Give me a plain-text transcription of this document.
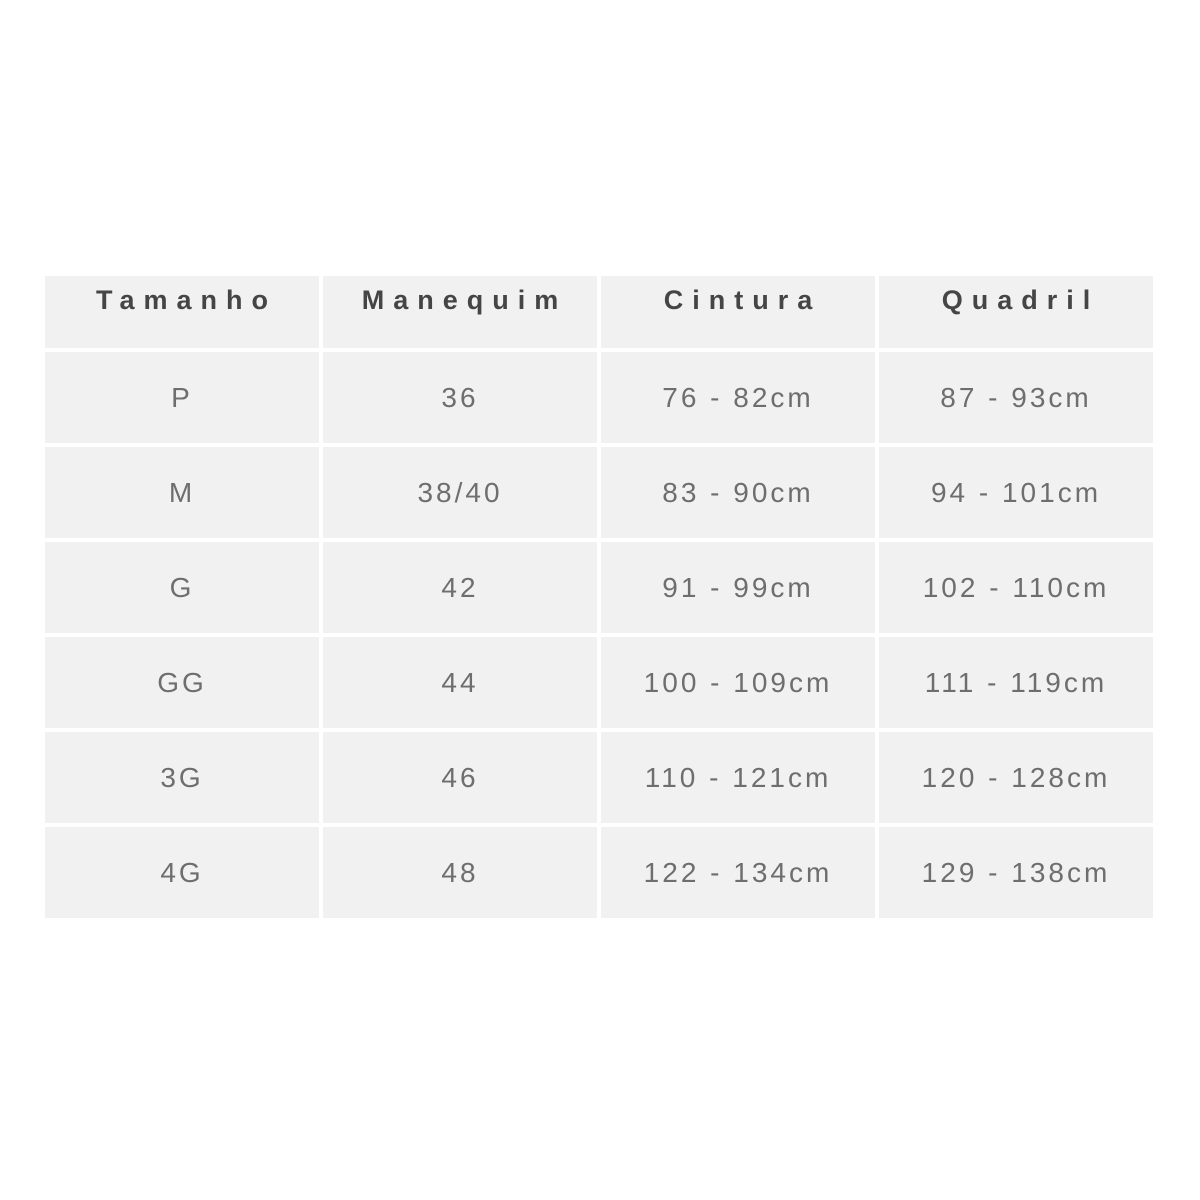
Tamanho	Manequim	Cintura	Quadril
P	36	76 - 82cm	87 - 93cm
M	38/40	83 - 90cm	94 - 101cm
G	42	91 - 99cm	102 - 110cm
GG	44	100 - 109cm	111 - 119cm
3G	46	110 - 121cm	120 - 128cm
4G	48	122 - 134cm	129 - 138cm
